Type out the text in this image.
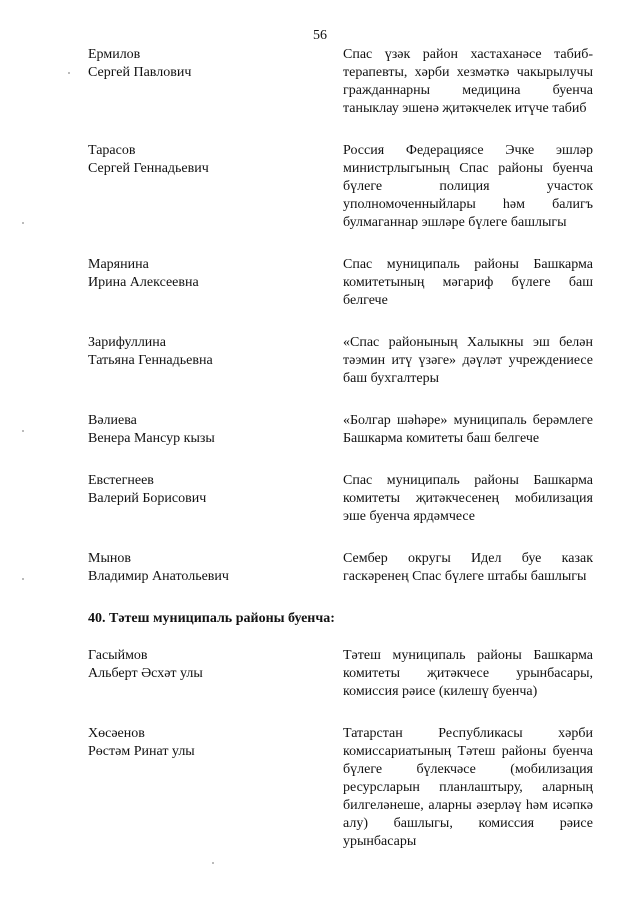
56
Ермилов
Сергей Павлович
Спас үзәк район хастаханәсе табиб-терапевты, хәрби хезмәткә чакырылучы гражданнарны медицина буенча таныклау эшенә җитәкчелек итүче табиб
Тарасов
Сергей Геннадьевич
Россия Федерациясе Эчке эшләр министрлыгының Спас районы буенча бүлеге полиция участок уполномоченныйлары һәм балигъ булмаганнар эшләре бүлеге башлыгы
Марянина
Ирина Алексеевна
Спас муниципаль районы Башкарма комитетының мәгариф бүлеге баш белгече
Зарифуллина
Татьяна Геннадьевна
«Спас районының Халыкны эш белән тәэмин итү үзәге» дәүләт учреждениесе баш бухгалтеры
Вәлиева
Венера Мансур кызы
«Болгар шәһәре» муниципаль берәмлеге Башкарма комитеты баш белгече
Евстегнеев
Валерий Борисович
Спас муниципаль районы Башкарма комитеты җитәкчесенең мобилизация эше буенча ярдәмчесе
Мынов
Владимир Анатольевич
Сембер округы Идел буе казак гаскәренең Спас бүлеге штабы башлыгы
40. Тәтеш муниципаль районы буенча:
Гасыймов
Альберт Әсхәт улы
Тәтеш муниципаль районы Башкарма комитеты җитәкчесе урынбасары, комиссия рәисе (килешү буенча)
Хөсәенов
Рөстәм Ринат улы
Татарстан Республикасы хәрби комиссариатының Тәтеш районы буенча бүлеге бүлекчәсе (мобилизация ресурсларын планлаштыру, аларның билгеләнеше, аларны әзерләү һәм исәпкә алу) башлыгы, комиссия рәисе урынбасары
